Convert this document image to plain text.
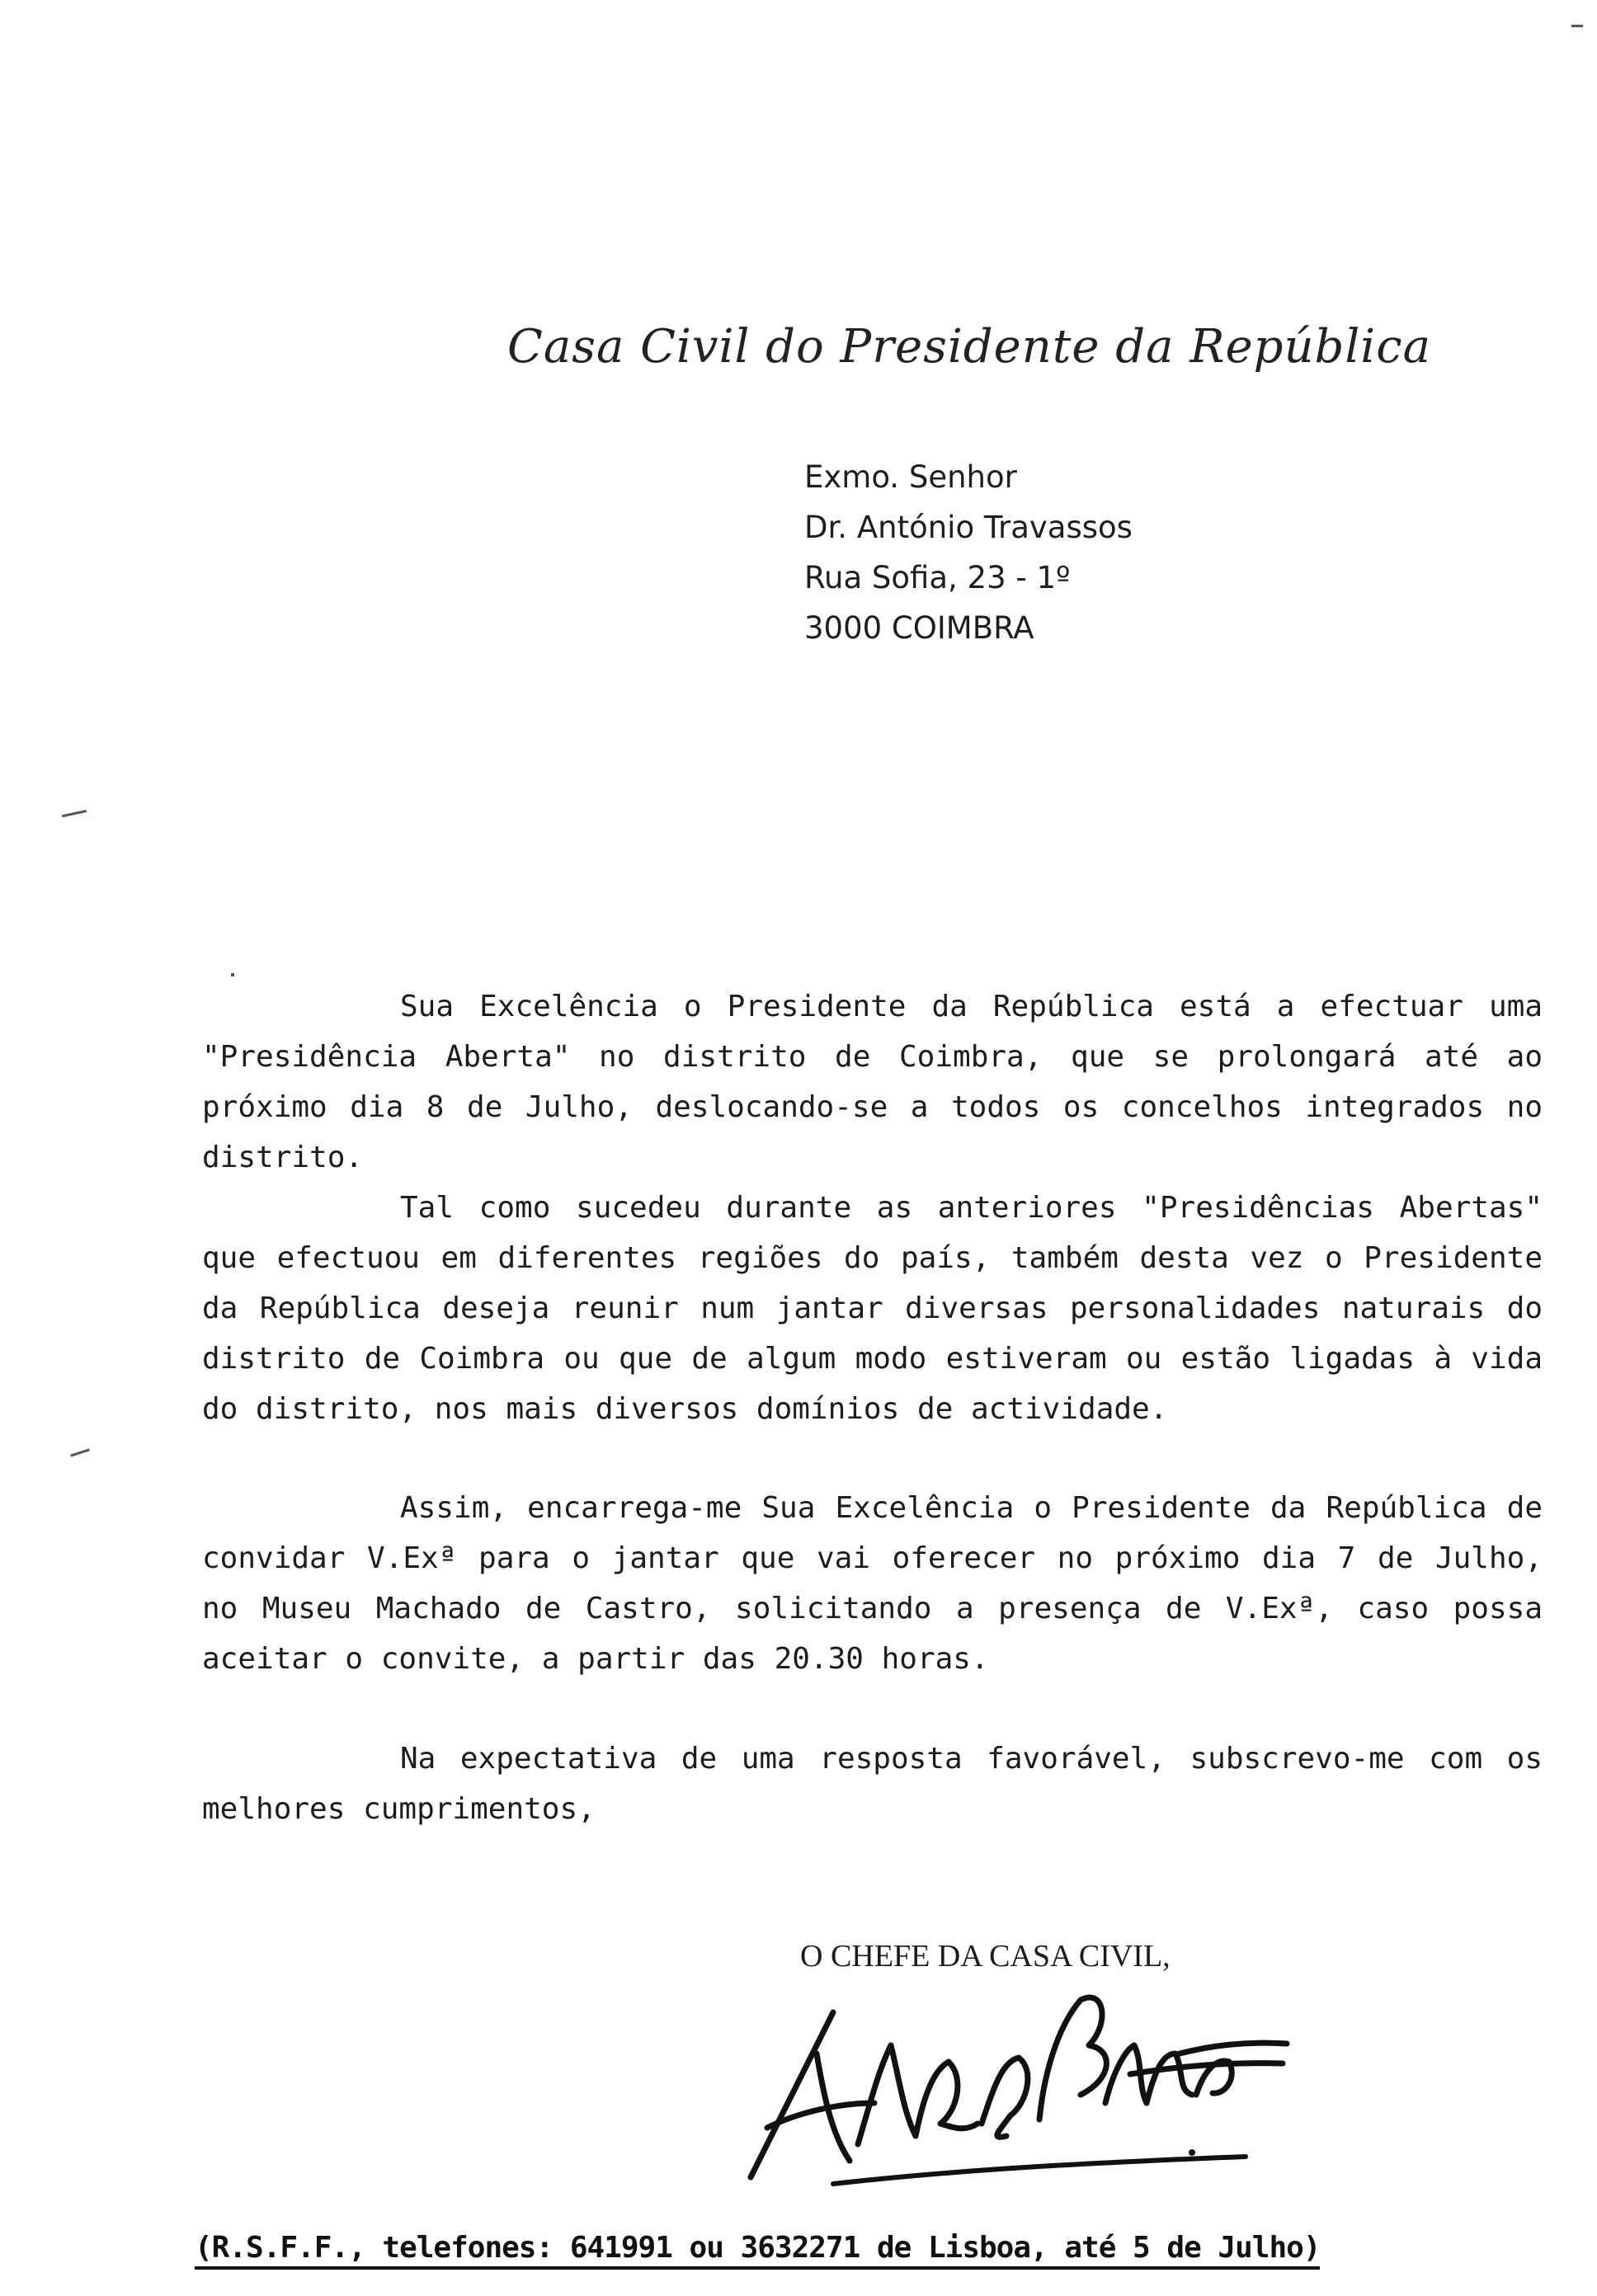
Casa Civil do Presidente da República
Exmo. Senhor
Dr. António Travassos
Rua Sofia, 23 - 1º
3000 COIMBRA
Sua Excelência o Presidente da República está a efectuar uma "Presidência Aberta" no distrito de Coimbra, que se prolongará até ao próximo dia 8 de Julho, deslocando-se a todos os concelhos integrados no distrito.
Tal como sucedeu durante as anteriores "Presidências Abertas" que efectuou em diferentes regiões do país, também desta vez o Presidente da República deseja reunir num jantar diversas personalidades naturais do distrito de Coimbra ou que de algum modo estiveram ou estão ligadas à vida do distrito, nos mais diversos domínios de actividade.
Assim, encarrega-me Sua Excelência o Presidente da República de convidar V.Exª para o jantar que vai oferecer no próximo dia 7 de Julho, no Museu Machado de Castro, solicitando a presença de V.Exª, caso possa aceitar o convite, a partir das 20.30 horas.
Na expectativa de uma resposta favorável, subscrevo-me com os melhores cumprimentos,
O CHEFE DA CASA CIVIL,
(R.S.F.F., telefones: 641991 ou 3632271 de Lisboa, até 5 de Julho)
